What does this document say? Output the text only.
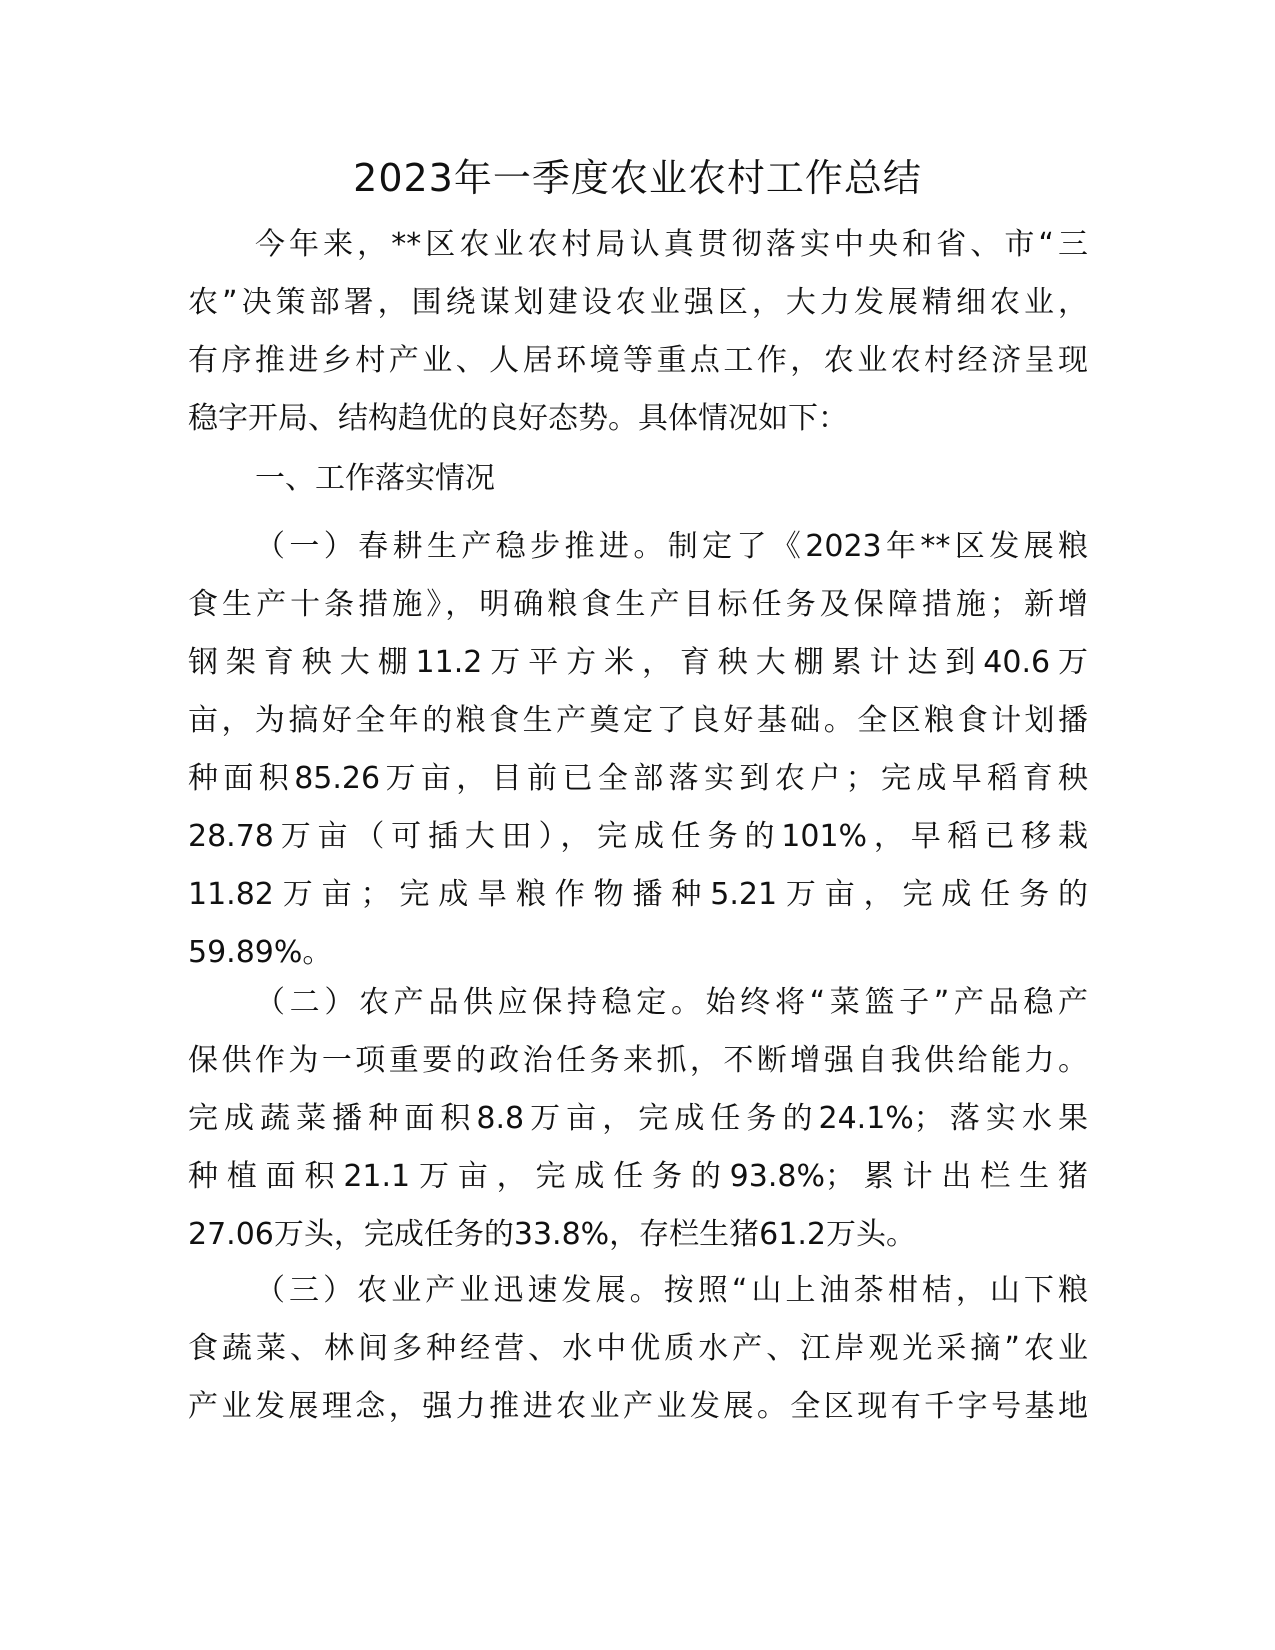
2023年一季度农业农村工作总结
今年来，**区农业农村局认真贯彻落实中央和省、市“三
农”决策部署，围绕谋划建设农业强区，大力发展精细农业，
有序推进乡村产业、人居环境等重点工作，农业农村经济呈现
稳字开局、结构趋优的良好态势。具体情况如下：
一、工作落实情况
（一）春耕生产稳步推进。制定了《2023年**区发展粮
食生产十条措施》，明确粮食生产目标任务及保障措施；新增
钢架育秧大棚11.2万平方米，育秧大棚累计达到40.6万
亩，为搞好全年的粮食生产奠定了良好基础。全区粮食计划播
种面积85.26万亩，目前已全部落实到农户；完成早稻育秧
28.78万亩（可插大田），完成任务的101%，早稻已移栽
11.82万亩；完成旱粮作物播种5.21万亩，完成任务的
59.89%。
（二）农产品供应保持稳定。始终将“菜篮子”产品稳产
保供作为一项重要的政治任务来抓，不断增强自我供给能力。
完成蔬菜播种面积8.8万亩，完成任务的24.1%；落实水果
种植面积21.1万亩，完成任务的93.8%；累计出栏生猪
27.06万头，完成任务的33.8%，存栏生猪61.2万头。
（三）农业产业迅速发展。按照“山上油茶柑桔，山下粮
食蔬菜、林间多种经营、水中优质水产、江岸观光采摘”农业
产业发展理念，强力推进农业产业发展。全区现有千字号基地
